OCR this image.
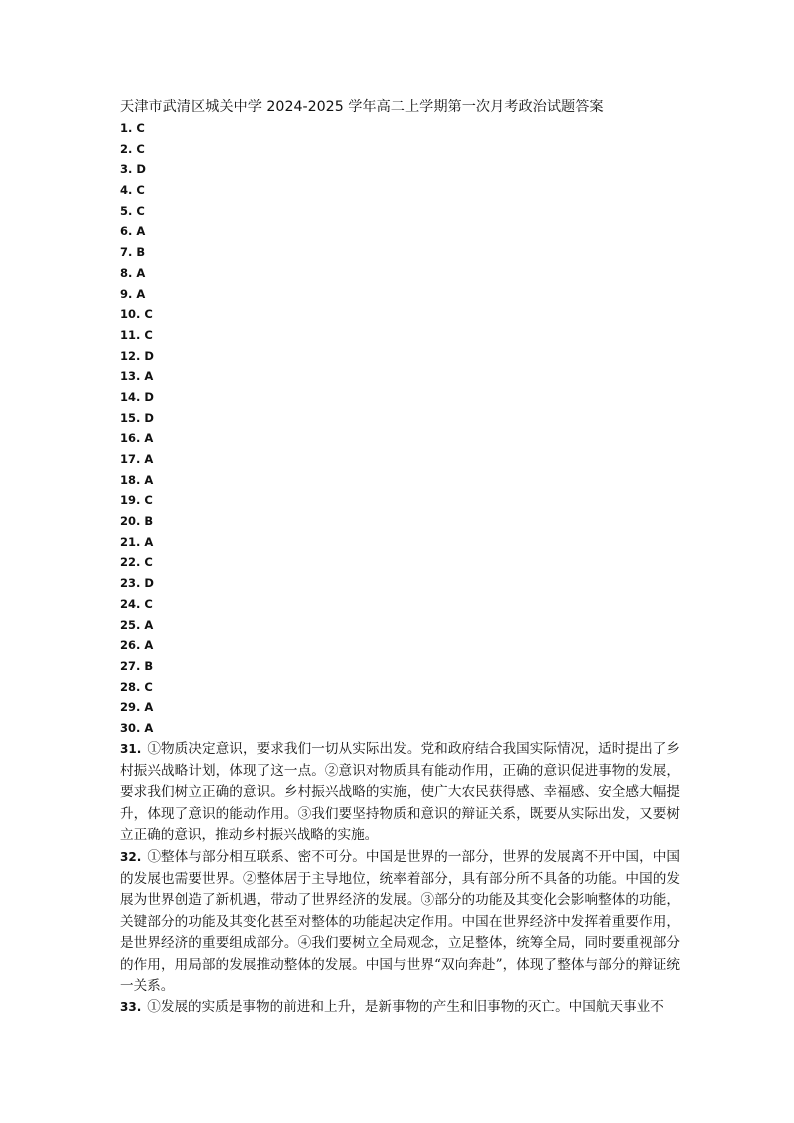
天津市武清区城关中学 2024-2025 学年高二上学期第一次月考政治试题答案
1. C
2. C
3. D
4. C
5. C
6. A
7. B
8. A
9. A
10. C
11. C
12. D
13. A
14. D
15. D
16. A
17. A
18. A
19. C
20. B
21. A
22. C
23. D
24. C
25. A
26. A
27. B
28. C
29. A
30. A
31. ①物质决定意识，要求我们一切从实际出发。党和政府结合我国实际情况，适时提出了乡村振兴战略计划，体现了这一点。②意识对物质具有能动作用，正确的意识促进事物的发展，要求我们树立正确的意识。乡村振兴战略的实施，使广大农民获得感、幸福感、安全感大幅提升，体现了意识的能动作用。③我们要坚持物质和意识的辩证关系，既要从实际出发，又要树立正确的意识，推动乡村振兴战略的实施。
32. ①整体与部分相互联系、密不可分。中国是世界的一部分，世界的发展离不开中国，中国的发展也需要世界。②整体居于主导地位，统率着部分，具有部分所不具备的功能。中国的发展为世界创造了新机遇，带动了世界经济的发展。③部分的功能及其变化会影响整体的功能，关键部分的功能及其变化甚至对整体的功能起决定作用。中国在世界经济中发挥着重要作用，是世界经济的重要组成部分。④我们要树立全局观念，立足整体，统筹全局，同时要重视部分的作用，用局部的发展推动整体的发展。中国与世界“双向奔赴”，体现了整体与部分的辩证统一关系。
33. ①发展的实质是事物的前进和上升，是新事物的产生和旧事物的灭亡。中国航天事业不
